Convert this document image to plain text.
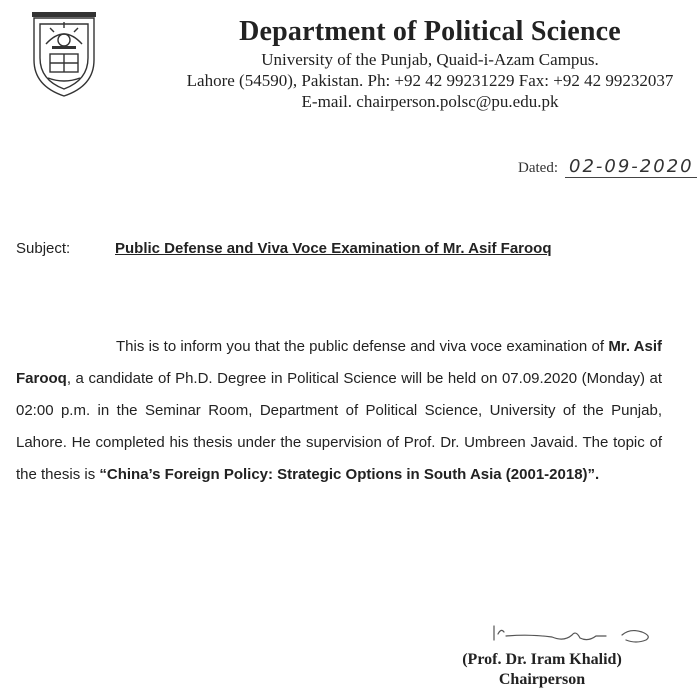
Department of Political Science
University of the Punjab, Quaid-i-Azam Campus.
Lahore (54590), Pakistan. Ph: +92 42 99231229 Fax: +92 42 99232037
E-mail. chairperson.polsc@pu.edu.pk
Dated: 02-09-2020
Subject:	Public Defense and Viva Voce Examination of Mr. Asif Farooq

This is to inform you that the public defense and viva voce examination of Mr. Asif Farooq, a candidate of Ph.D. Degree in Political Science will be held on 07.09.2020 (Monday) at 02:00 p.m. in the Seminar Room, Department of Political Science, University of the Punjab, Lahore. He completed his thesis under the supervision of Prof. Dr. Umbreen Javaid. The topic of the thesis is “China’s Foreign Policy: Strategic Options in South Asia (2001-2018)”.

(Prof. Dr. Iram Khalid)
Chairperson
